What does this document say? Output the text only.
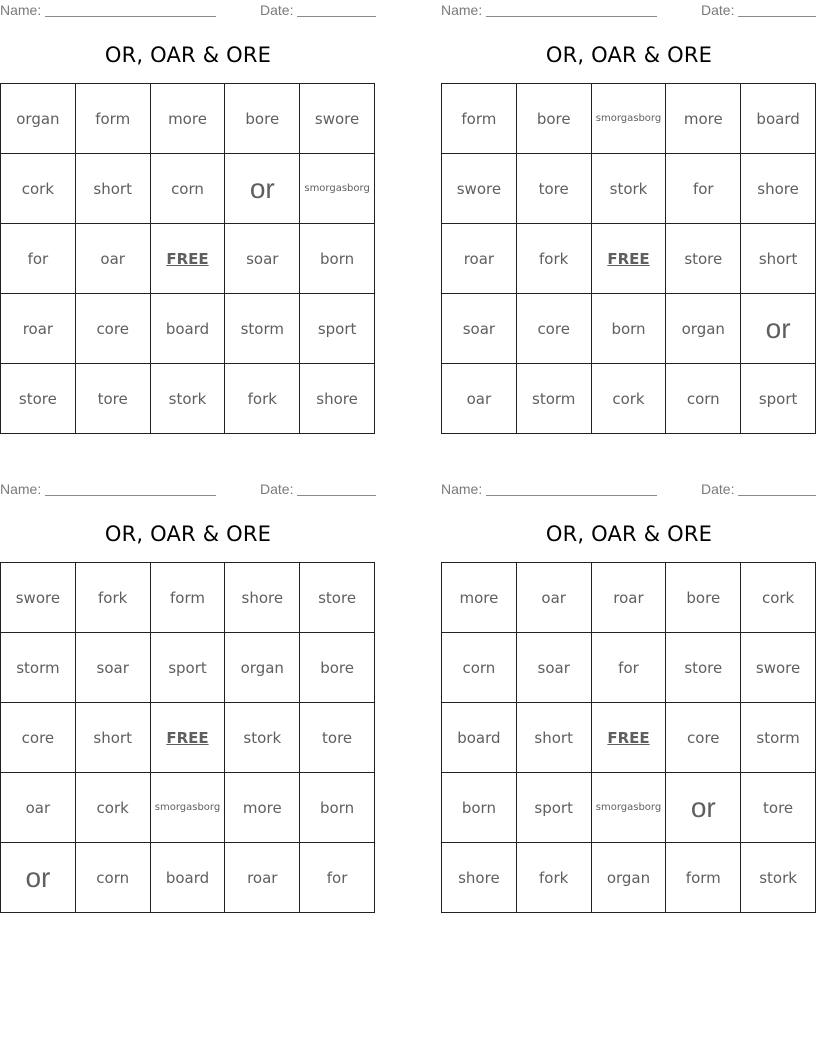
Name:	Date:
OR, OAR & ORE
organ	form	more	bore	swore
cork	short	corn	or	smorgasborg
for	oar	FREE	soar	born
roar	core	board	storm	sport
store	tore	stork	fork	shore
Name:	Date:
OR, OAR & ORE
form	bore	smorgasborg	more	board
swore	tore	stork	for	shore
roar	fork	FREE	store	short
soar	core	born	organ	or
oar	storm	cork	corn	sport
Name:	Date:
OR, OAR & ORE
swore	fork	form	shore	store
storm	soar	sport	organ	bore
core	short	FREE	stork	tore
oar	cork	smorgasborg	more	born
or	corn	board	roar	for
Name:	Date:
OR, OAR & ORE
more	oar	roar	bore	cork
corn	soar	for	store	swore
board	short	FREE	core	storm
born	sport	smorgasborg	or	tore
shore	fork	organ	form	stork
